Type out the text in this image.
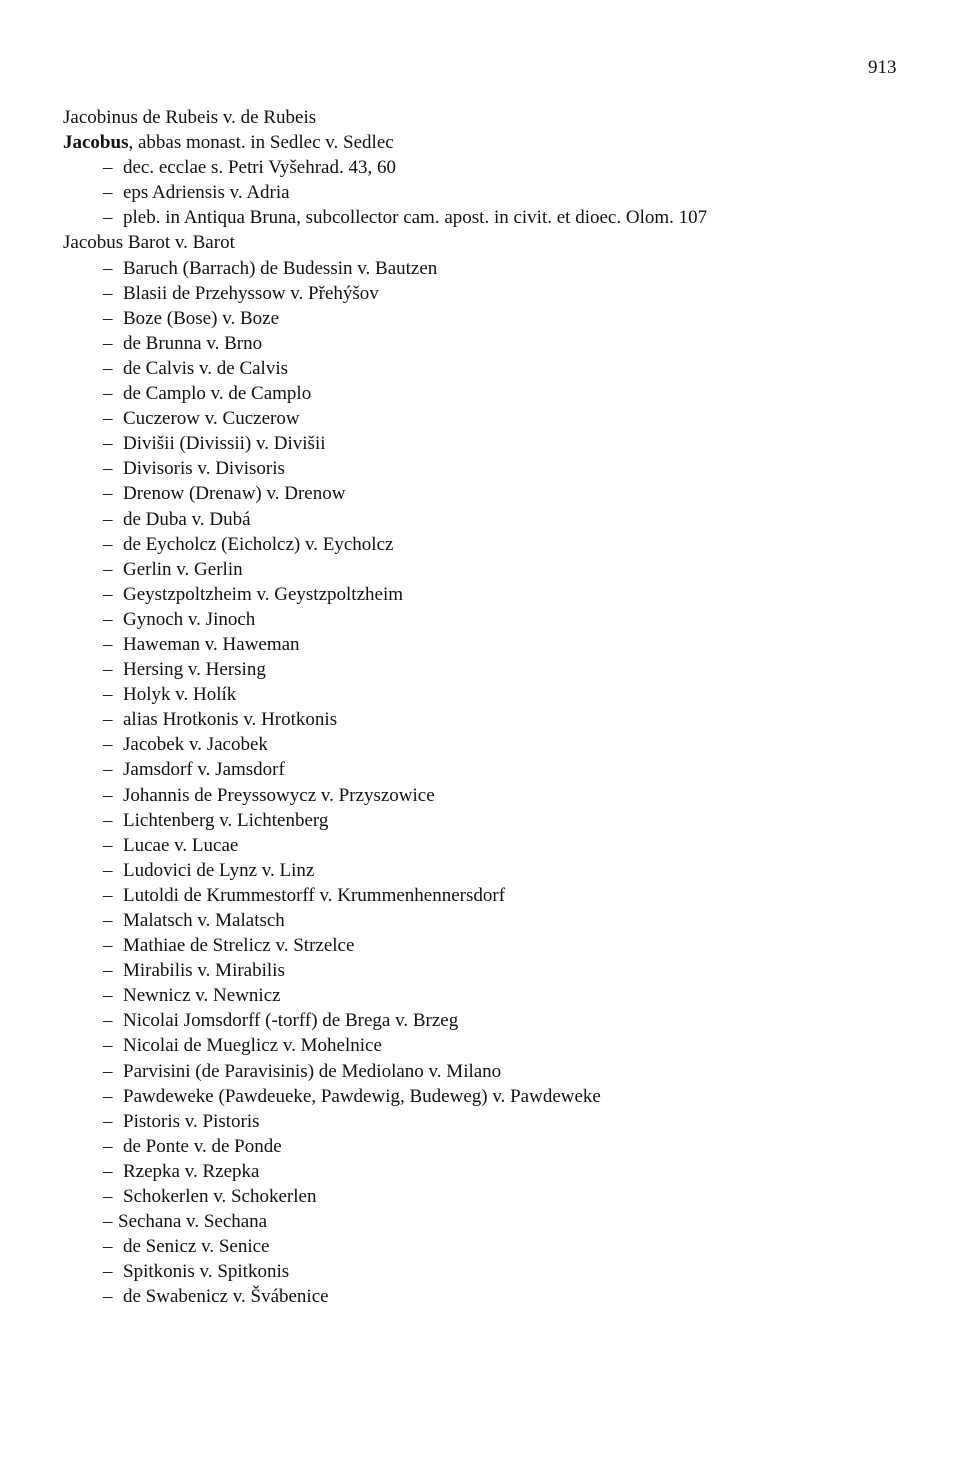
913
Jacobinus de Rubeis v. de Rubeis
Jacobus, abbas monast. in Sedlec v. Sedlec
– dec. ecclae s. Petri Vyšehrad. 43, 60
– eps Adriensis v. Adria
– pleb. in Antiqua Bruna, subcollector cam. apost. in civit. et dioec. Olom. 107
Jacobus Barot v. Barot
– Baruch (Barrach) de Budessin v. Bautzen
– Blasii de Przehyssow v. Přehýšov
– Boze (Bose) v. Boze
– de Brunna v. Brno
– de Calvis v. de Calvis
– de Camplo v. de Camplo
– Cuczerow v. Cuczerow
– Divišii (Divissii) v. Divišii
– Divisoris v. Divisoris
– Drenow (Drenaw) v. Drenow
– de Duba v. Dubá
– de Eycholcz (Eicholcz) v. Eycholcz
– Gerlin v. Gerlin
– Geystzpoltzheim v. Geystzpoltzheim
– Gynoch v. Jinoch
– Haweman v. Haweman
– Hersing v. Hersing
– Holyk v. Holík
– alias Hrotkonis v. Hrotkonis
– Jacobek v. Jacobek
– Jamsdorf v. Jamsdorf
– Johannis de Preyssowycz v. Przyszowice
– Lichtenberg v. Lichtenberg
– Lucae v. Lucae
– Ludovici de Lynz v. Linz
– Lutoldi de Krummestorff v. Krummenhennersdorf
– Malatsch v. Malatsch
– Mathiae de Strelicz v. Strzelce
– Mirabilis v. Mirabilis
– Newnicz v. Newnicz
– Nicolai Jomsdorff (-torff) de Brega v. Brzeg
– Nicolai de Mueglicz v. Mohelnice
– Parvisini (de Paravisinis) de Mediolano v. Milano
– Pawdeweke (Pawdeueke, Pawdewig, Budeweg) v. Pawdeweke
– Pistoris v. Pistoris
– de Ponte v. de Ponde
– Rzepka v. Rzepka
– Schokerlen v. Schokerlen
– Sechana v. Sechana
– de Senicz v. Senice
– Spitkonis v. Spitkonis
– de Swabenicz v. Švábenice
